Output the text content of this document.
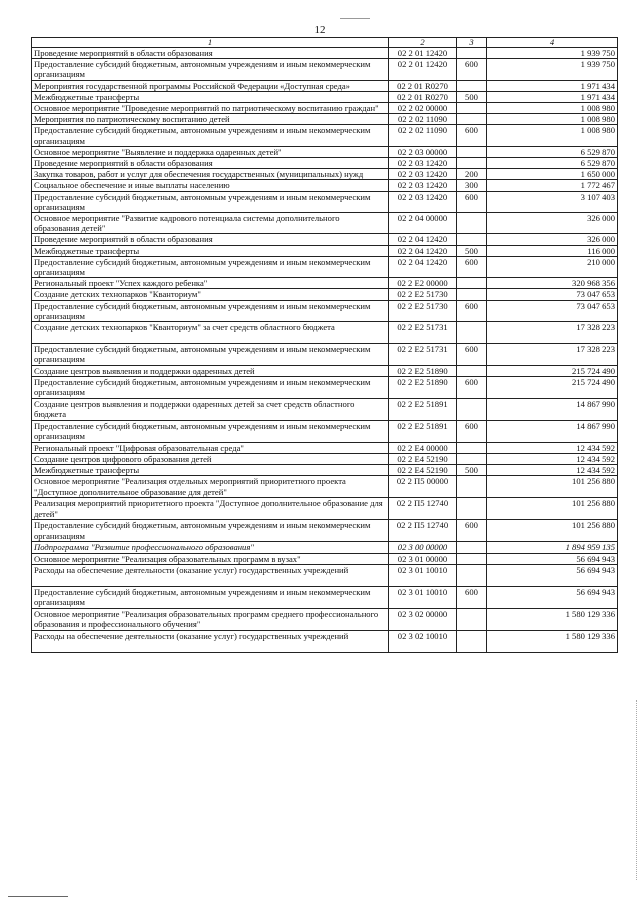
12
1	2	3	4
Проведение мероприятий в области образования	02 2 01 12420		1 939 750
Предоставление субсидий бюджетным, автономным учреждениям и иным некоммерческим организациям	02 2 01 12420	600	1 939 750
Мероприятия государственной программы Российской Федерации «Доступная среда»	02 2 01 R0270		1 971 434
Межбюджетные трансферты	02 2 01 R0270	500	1 971 434
Основное мероприятие "Проведение мероприятий по патриотическому воспитанию граждан"	02 2 02 00000		1 008 980
Мероприятия по патриотическому воспитанию детей	02 2 02 11090		1 008 980
Предоставление субсидий бюджетным, автономным учреждениям и иным некоммерческим организациям	02 2 02 11090	600	1 008 980
Основное мероприятие "Выявление и поддержка одаренных детей"	02 2 03 00000		6 529 870
Проведение мероприятий в области образования	02 2 03 12420		6 529 870
Закупка товаров, работ и услуг для обеспечения государственных (муниципальных) нужд	02 2 03 12420	200	1 650 000
Социальное обеспечение и иные выплаты населению	02 2 03 12420	300	1 772 467
Предоставление субсидий бюджетным, автономным учреждениям и иным некоммерческим организациям	02 2 03 12420	600	3 107 403
Основное мероприятие "Развитие кадрового потенциала системы дополнительного образования детей"	02 2 04 00000		326 000
Проведение мероприятий в области образования	02 2 04 12420		326 000
Межбюджетные трансферты	02 2 04 12420	500	116 000
Предоставление субсидий бюджетным, автономным учреждениям и иным некоммерческим организациям	02 2 04 12420	600	210 000
Региональный проект "Успех каждого ребенка"	02 2 Е2 00000		320 968 356
Создание детских технопарков "Кванториум"	02 2 Е2 51730		73 047 653
Предоставление субсидий бюджетным, автономным учреждениям и иным некоммерческим организациям	02 2 Е2 51730	600	73 047 653
Создание детских технопарков "Кванториум" за счет средств областного бюджета	02 2 Е2 51731		17 328 223
Предоставление субсидий бюджетным, автономным учреждениям и иным некоммерческим организациям	02 2 Е2 51731	600	17 328 223
Создание центров выявления и поддержки одаренных детей	02 2 Е2 51890		215 724 490
Предоставление субсидий бюджетным, автономным учреждениям и иным некоммерческим организациям	02 2 Е2 51890	600	215 724 490
Создание центров выявления и поддержки одаренных детей за счет средств областного бюджета	02 2 Е2 51891		14 867 990
Предоставление субсидий бюджетным, автономным учреждениям и иным некоммерческим организациям	02 2 Е2 51891	600	14 867 990
Региональный проект "Цифровая образовательная среда"	02 2 Е4 00000		12 434 592
Создание центров цифрового образования детей	02 2 Е4 52190		12 434 592
Межбюджетные трансферты	02 2 Е4 52190	500	12 434 592
Основное мероприятие "Реализация отдельных мероприятий приоритетного проекта "Доступное дополнительное образование для детей"	02 2 П5 00000		101 256 880
Реализация мероприятий приоритетного проекта "Доступное дополнительное образование для детей"	02 2 П5 12740		101 256 880
Предоставление субсидий бюджетным, автономным учреждениям и иным некоммерческим организациям	02 2 П5 12740	600	101 256 880
Подпрограмма "Развитие профессионального образования"	02 3 00 00000		1 894 959 135
Основное мероприятие "Реализация образовательных программ в вузах"	02 3 01 00000		56 694 943
Расходы на обеспечение деятельности (оказание услуг) государственных учреждений	02 3 01 10010		56 694 943
Предоставление субсидий бюджетным, автономным учреждениям и иным некоммерческим организациям	02 3 01 10010	600	56 694 943
Основное мероприятие "Реализация образовательных программ среднего профессионального образования и профессионального обучения"	02 3 02 00000		1 580 129 336
Расходы на обеспечение деятельности (оказание услуг) государственных учреждений	02 3 02 10010		1 580 129 336
